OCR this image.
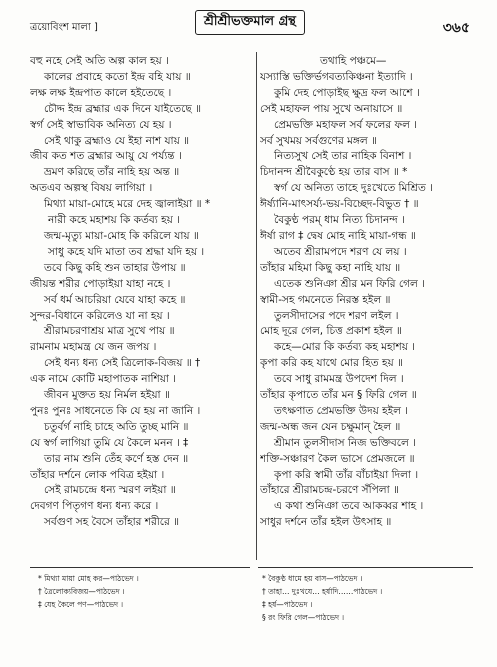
ত্রয়োবিংশ মালা ]	শ্রীশ্রীভক্তমাল গ্রন্থ	৩৬৫
বহু নহে সেই অতি অল্প কাল হয় ।
কালের প্রবাহে কতো ইন্দ্র বহি যায় ॥
লক্ষ লক্ষ ইন্দ্রপাত কালে হইতেছে ।
চৌদ্দ ইন্দ্র ব্রহ্মার এক দিনে যাইতেছে ॥
স্বর্গ সেই স্বাভাবিক অনিত্য যে হয় ।
সেই থাকু ব্রহ্মাও যে ইহা নাশ যায় ॥
জীব কত শত ব্রহ্মার আয়ু যে পর্য্যন্ত ।
ভ্রমণ করিছে তাঁর নাহি হয় অন্ত ॥
অতএব অল্পস্থ বিষয় লাগিয়া ।
মিথ্যা মায়া-মোহে মরে দেহ জ্বালাইয়া ॥ *
নারী কহে মহাশয় কি কর্তব্য হয় ।
জন্ম-মৃত্যু মায়া-মোহ কি করিলে যায় ॥
সাধু কহে যদি মাতা তব শ্রদ্ধা যদি হয় ।
তবে কিছু কহি শুন তাহার উপায় ॥
জীয়ন্ত শরীর পোড়াইয়া যাহা নহে ।
সর্ব ধর্ম আচরিয়া যেবে যাহা কহে ॥
সুন্দর-বিধানে করিলেও যা না হয় ।
শ্রীরামচরণাশ্রয় মাত্র সুখে পায় ॥
রামনাম মহামন্ত্র যে জন জপয় ।
সেই ধন্য ধন্য সেই ত্রিলোক-বিজয় ॥ †
এক নামে কোটি মহাপাতক নাশিয়া ।
জীবন মুক্তত হয় নির্মল হইয়া ॥
পুনঃ পুনঃ সাধনেতে কি যে হয় না জানি ।
চতুর্বর্গ নাহি চাহে অতি তুচ্ছ মানি ॥
যে স্বর্গ লাগিয়া তুমি যে কৈলে মনন । ‡
তার নাম শুনি তেঁহ কর্ণে হস্ত দেন ॥
তাঁহার দর্শনে লোক পবিত্র হইয়া ।
সেই রামচন্দ্রে ধন্য স্মরণ লইয়া ॥
দেবগণ পিতৃগণ ধন্য ধন্য করে ।
সর্বগুণ সহ বৈসে তাঁহার শরীরে ॥
তথাহি পঞ্চমে—
যস্যাস্তি ভক্তির্ভগবত্যকিঞ্চনা ইত্যাদি ।
কুমি দেহ পোড়াইছ ক্ষুদ্র ফল আশে ।
সেই মহাফল পায় সুখে অনায়াসে ॥
প্রেমভক্তি মহাফল সর্ব ফলের ফল ।
সর্ব সুখময় সর্বগুণের মঙ্গল ॥
নিত্যসুখ সেই তার নাহিক বিনাশ ।
চিদানন্দ শ্রীবৈকুণ্ঠে হয় তার বাস ॥ *
স্বর্গ যে অনিত্য তাহে দুঃখেতে মিশ্রিত ।
ঈর্ষ্যানি-মাৎসর্য্য-ভয়-বিচ্ছেদ-বিভুত † ॥
বৈকুণ্ঠ পরম্ ধাম নিত্য চিদানন্দ ।
ঈর্ষা রাগ ‡ দ্বেষ মোহ নাহি মায়া-গন্ধ ॥
অতেব শ্রীরামপদে শরণ যে লয় ।
তাঁহার মহিমা কিছু কহা নাহি যায় ॥
এতেক শুনিঞা শ্রীর মন ফিরি গেল ।
স্বামী-সহ গমনেতে নিরস্ত হইল ॥
তুলসীদাসের পদে শরণ লইল ।
মোহ দূরে গেল, চিত্ত প্রকাশ হইল ॥
কহে—মোর কি কর্তব্য কহ মহাশয় ।
কৃপা করি কহ যাথে মোর হিত হয় ॥
তবে সাধু রামমন্ত্র উপদেশ দিল ।
তাঁহার কৃপাতে তাঁর মন § ফিরি গেল ॥
তৎক্ষণাত প্রেমভক্তি উদয় হইল ।
জন্ম-অন্ধ জন যেন চক্ষুমান্ হৈল ॥
শ্রীমান তুলসীদাস নিজ ভক্তিবলে ।
শক্তি-সঞ্চারণ কৈল ভাসে প্রেমজলে ॥
কৃপা করি স্বামী তাঁর বাঁচাইয়া দিলা ।
তাঁহারে শ্রীরামচন্দ্র-চরণে সঁপিলা ॥
এ কথা শুনিঞা তবে আকব্বর শাহ ।
সাধুর দর্শনে তাঁর হইল উৎসাহ ॥
* মিথ্যা মায়া মোহ কর—পাঠভেদ ।
† ত্রৈলোক্যবিজয়—পাঠভেদ ।
‡ যেহ কৈলে পণ—পাঠভেদ ।
* বৈকুণ্ঠ ধামে হয় বাস—পাঠভেদ ।
† তাহা… দুঃখযে… হর্ষাদি……পাঠভেদ ।
‡ হর্ষ—পাঠভেদ ।
§ রং ফিরি গেল—পাঠভেদ ।
